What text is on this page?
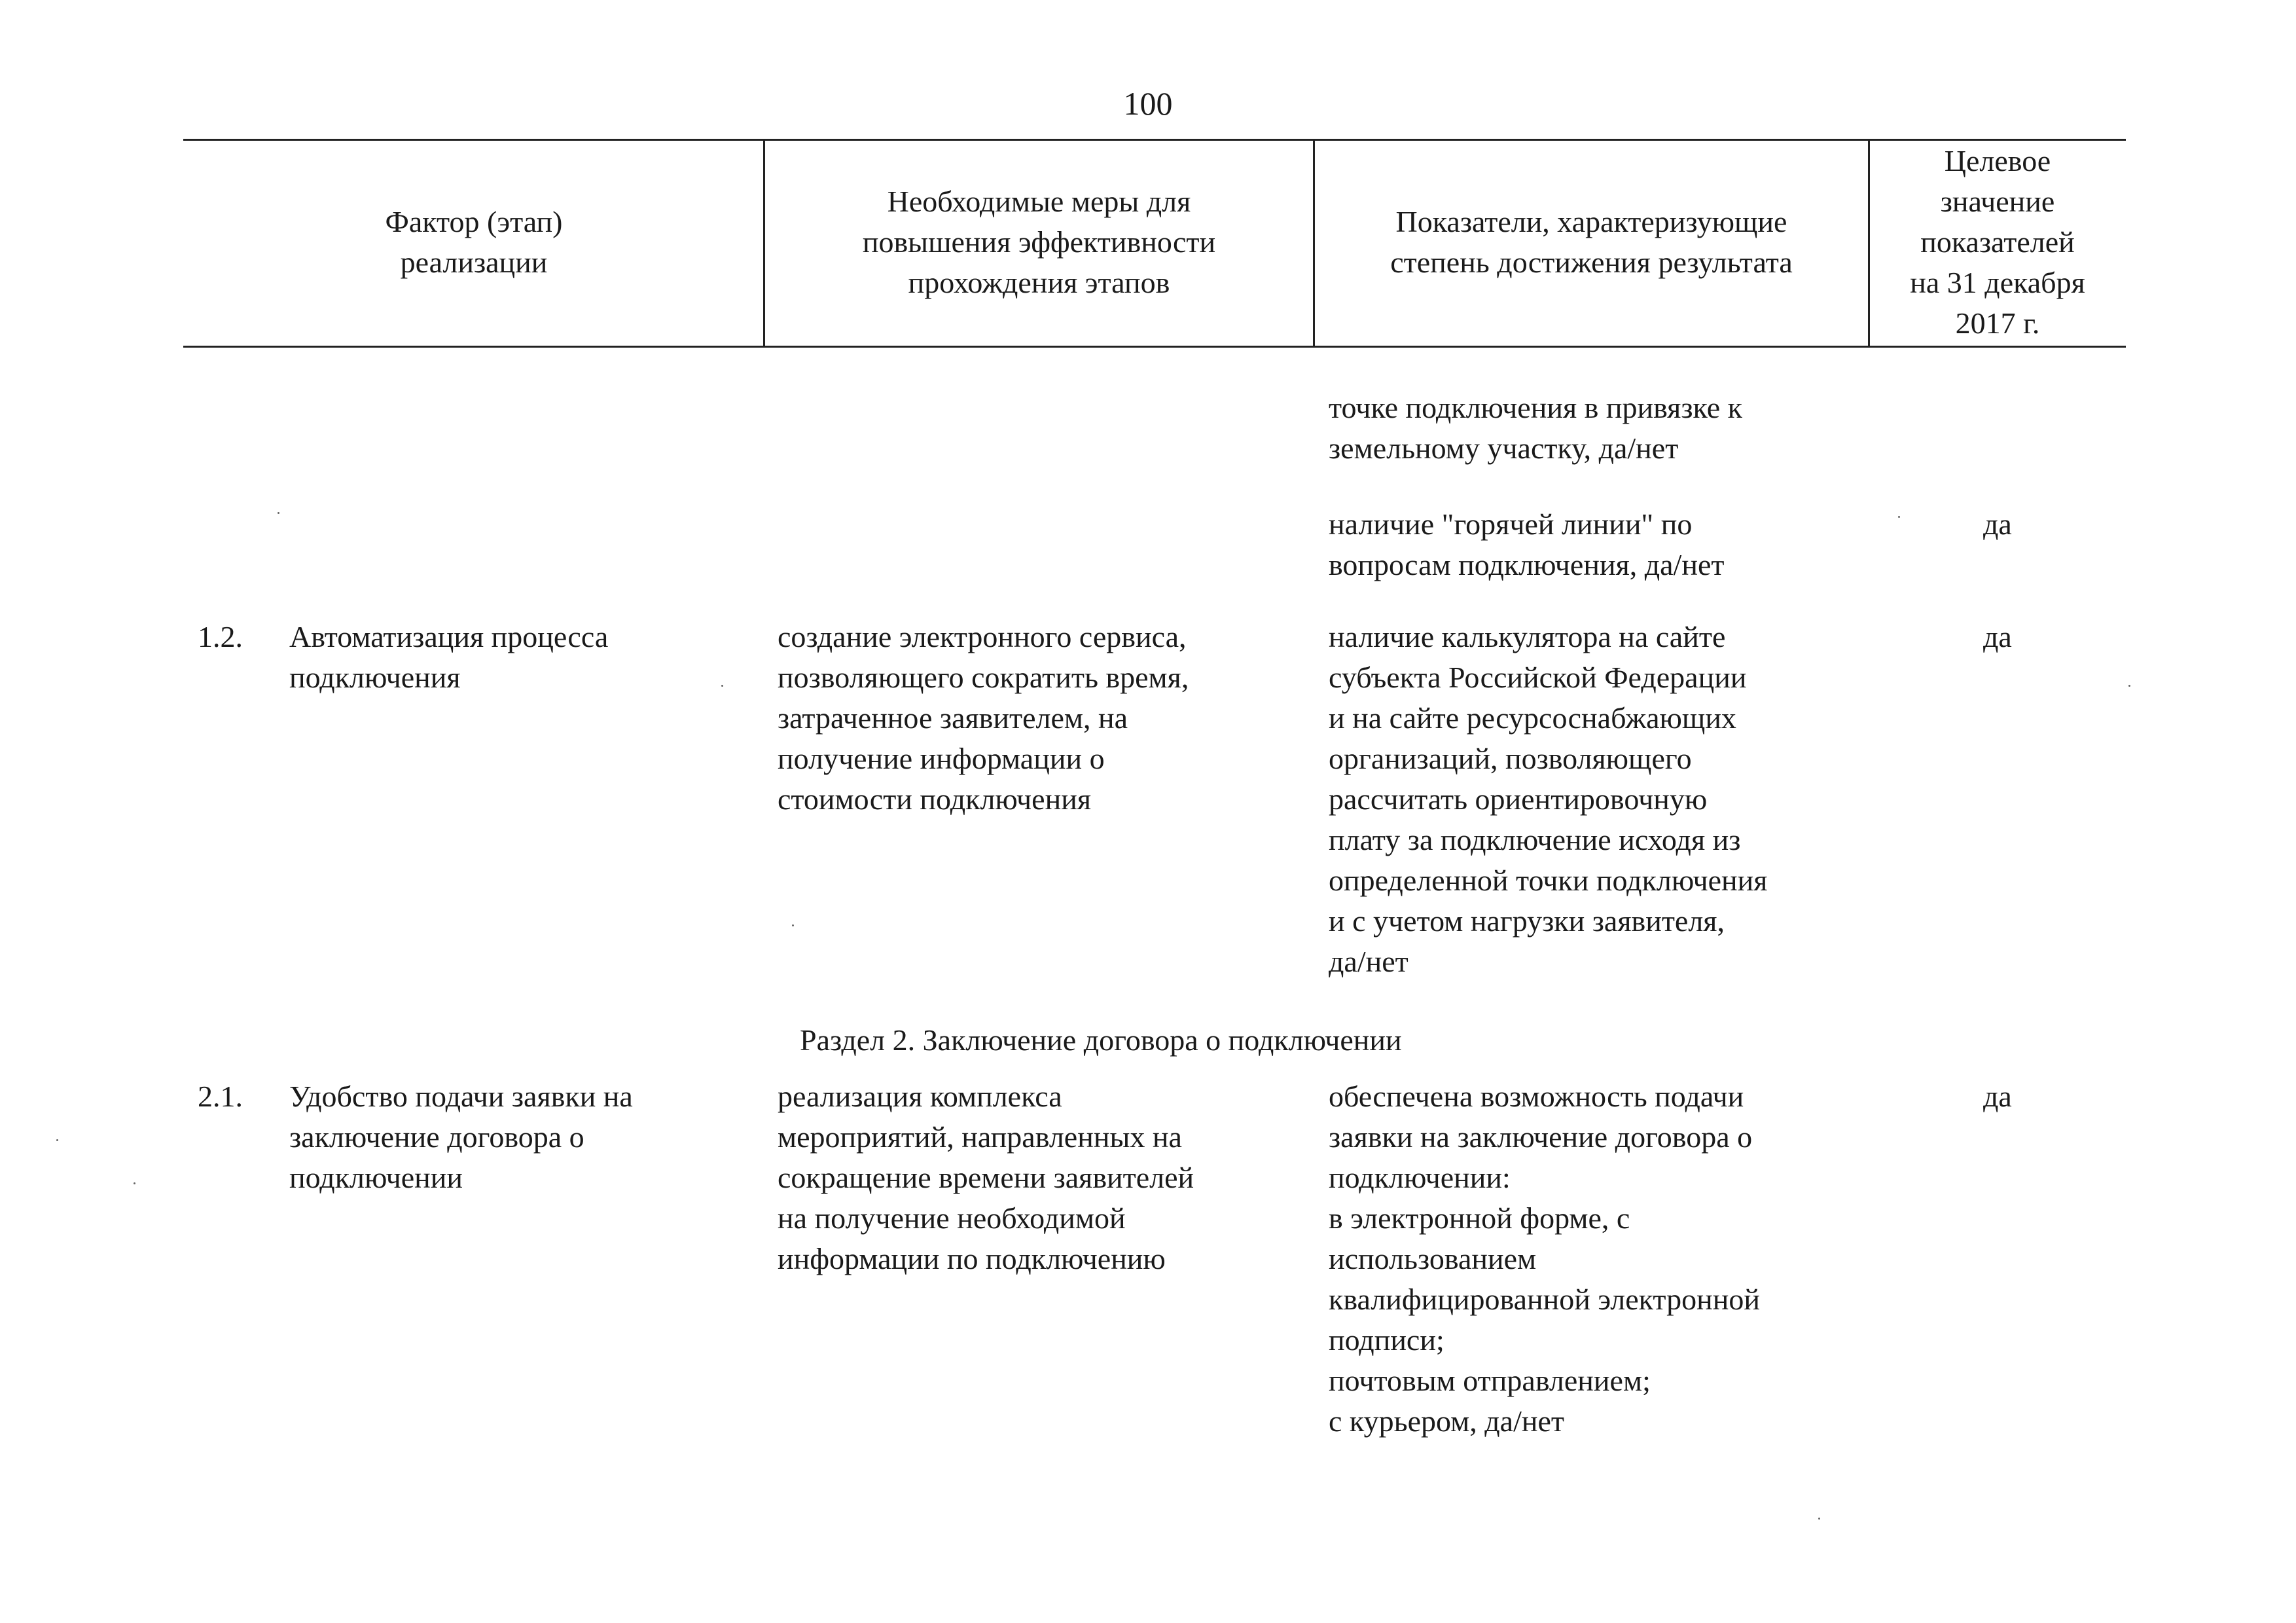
100
Фактор (этап)
реализации
Необходимые меры для
повышения эффективности
прохождения этапов
Показатели, характеризующие
степень достижения результата
Целевое
значение
показателей
на 31 декабря
2017 г.
точке подключения в привязке к
земельному участку, да/нет
наличие "горячей линии" по
вопросам подключения, да/нет
да
1.2. Автоматизация процесса
подключения
создание электронного сервиса,
позволяющего сократить время,
затраченное заявителем, на
получение информации о
стоимости подключения
наличие калькулятора на сайте
субъекта Российской Федерации
и на сайте ресурсоснабжающих
организаций, позволяющего
рассчитать ориентировочную
плату за подключение исходя из
определенной точки подключения
и с учетом нагрузки заявителя,
да/нет
да
Раздел 2. Заключение договора о подключении
2.1. Удобство подачи заявки на
заключение договора о
подключении
реализация комплекса
мероприятий, направленных на
сокращение времени заявителей
на получение необходимой
информации по подключению
обеспечена возможность подачи
заявки на заключение договора о
подключении:
в электронной форме, с
использованием
квалифицированной электронной
подписи;
почтовым отправлением;
с курьером, да/нет
да
